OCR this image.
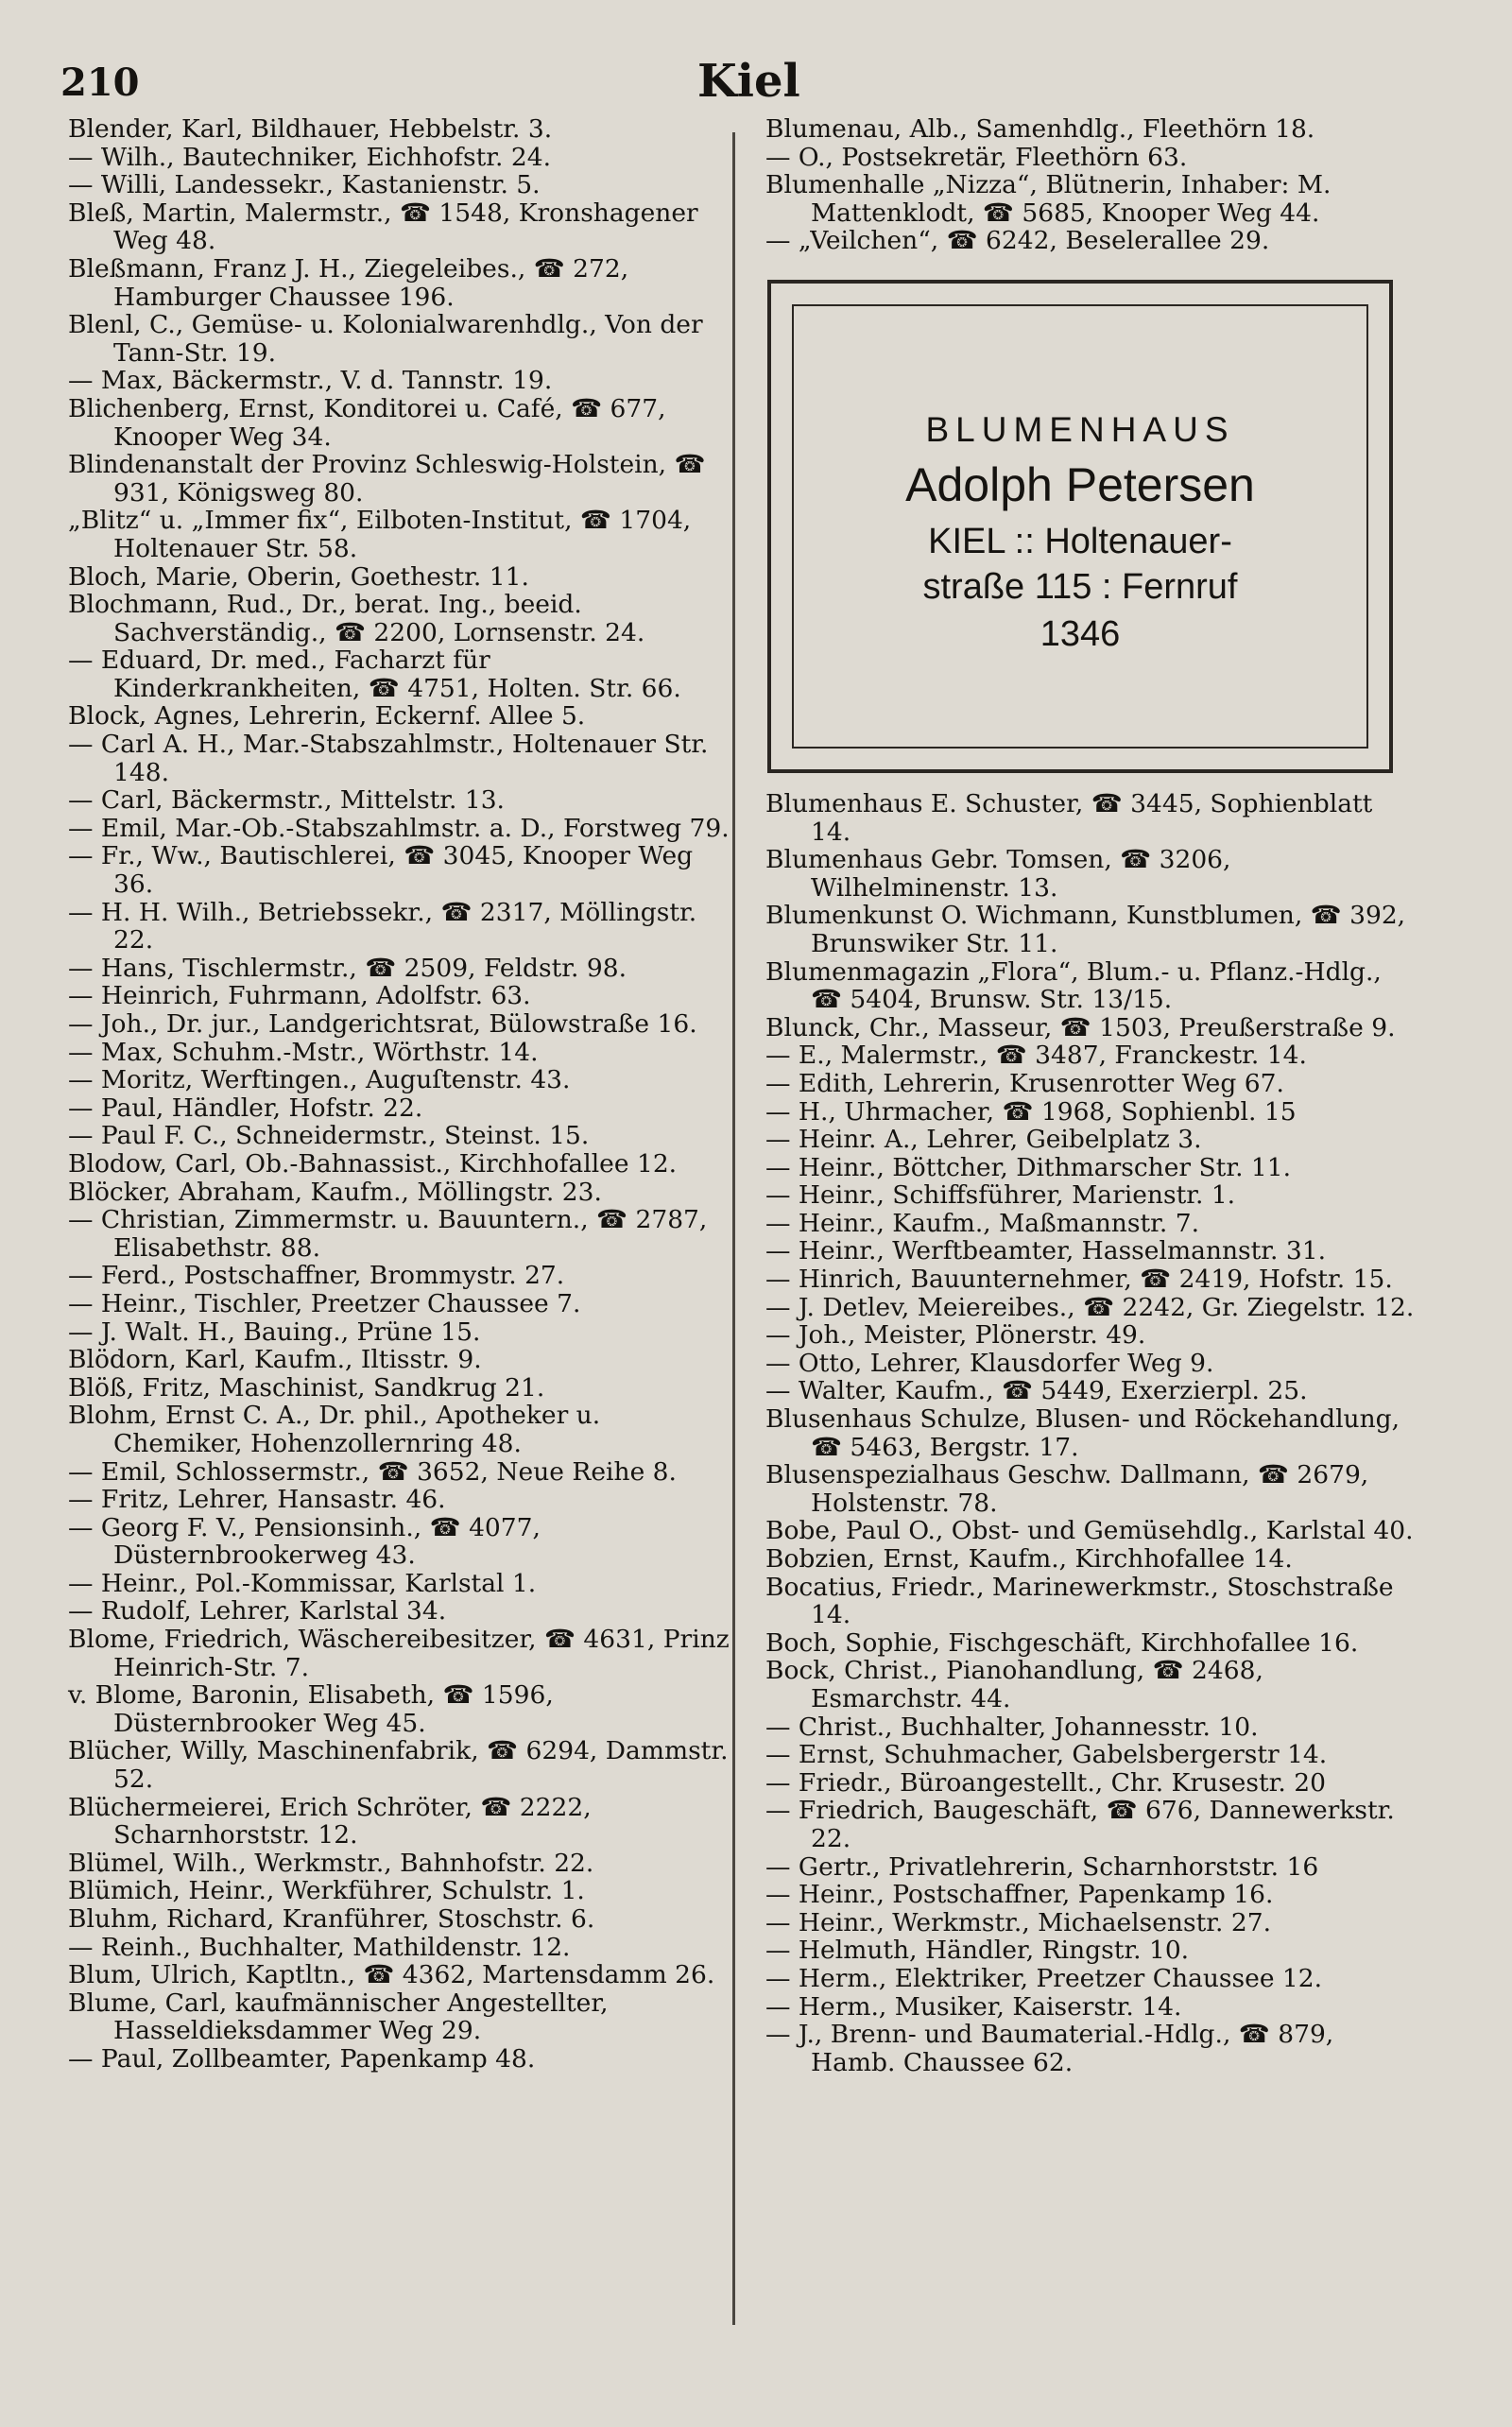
210	Kiel
Blender, Karl, Bildhauer, Hebbelstr. 3.
— Wilh., Bautechniker, Eichhofstr. 24.
— Willi, Landessekr., Kastanienstr. 5.
Bleß, Martin, Malermstr., ☎ 1548, Kronshagener Weg 48.
Bleßmann, Franz J. H., Ziegeleibes., ☎ 272, Hamburger Chaussee 196.
Blenl, C., Gemüse- u. Kolonialwarenhdlg., Von der Tann-Str. 19.
— Max, Bäckermstr., V. d. Tannstr. 19.
Blichenberg, Ernst, Konditorei u. Café, ☎ 677, Knooper Weg 34.
Blindenanstalt der Provinz Schleswig-Holstein, ☎ 931, Königsweg 80.
„Blitz“ u. „Immer fix“, Eilboten-Institut, ☎ 1704, Holtenauer Str. 58.
Bloch, Marie, Oberin, Goethestr. 11.
Blochmann, Rud., Dr., berat. Ing., beeid. Sachverständig., ☎ 2200, Lornsenstr. 24.
— Eduard, Dr. med., Facharzt für Kinderkrankheiten, ☎ 4751, Holten. Str. 66.
Block, Agnes, Lehrerin, Eckernf. Allee 5.
— Carl A. H., Mar.-Stabszahlmstr., Holtenauer Str. 148.
— Carl, Bäckermstr., Mittelstr. 13.
— Emil, Mar.-Ob.-Stabszahlmstr. a. D., Forstweg 79.
— Fr., Ww., Bautischlerei, ☎ 3045, Knooper Weg 36.
— H. H. Wilh., Betriebssekr., ☎ 2317, Möllingstr. 22.
— Hans, Tischlermstr., ☎ 2509, Feldstr. 98.
— Heinrich, Fuhrmann, Adolfstr. 63.
— Joh., Dr. jur., Landgerichtsrat, Bülowstraße 16.
— Max, Schuhm.-Mstr., Wörthstr. 14.
— Moritz, Werftingen., Auguſtenstr. 43.
— Paul, Händler, Hofstr. 22.
— Paul F. C., Schneidermstr., Steinst. 15.
Blodow, Carl, Ob.-Bahnassist., Kirchhofallee 12.
Blöcker, Abraham, Kaufm., Möllingstr. 23.
— Christian, Zimmermstr. u. Bauuntern., ☎ 2787, Elisabethstr. 88.
— Ferd., Postschaffner, Brommystr. 27.
— Heinr., Tischler, Preetzer Chaussee 7.
— J. Walt. H., Bauing., Prüne 15.
Blödorn, Karl, Kaufm., Iltisstr. 9.
Blöß, Fritz, Maschinist, Sandkrug 21.
Blohm, Ernst C. A., Dr. phil., Apotheker u. Chemiker, Hohenzollernring 48.
— Emil, Schlossermstr., ☎ 3652, Neue Reihe 8.
— Fritz, Lehrer, Hansastr. 46.
— Georg F. V., Pensionsinh., ☎ 4077, Düsternbrookerweg 43.
— Heinr., Pol.-Kommissar, Karlstal 1.
— Rudolf, Lehrer, Karlstal 34.
Blome, Friedrich, Wäschereibesitzer, ☎ 4631, Prinz Heinrich-Str. 7.
v. Blome, Baronin, Elisabeth, ☎ 1596, Düsternbrooker Weg 45.
Blücher, Willy, Maschinenfabrik, ☎ 6294, Dammstr. 52.
Blüchermeierei, Erich Schröter, ☎ 2222, Scharnhorststr. 12.
Blümel, Wilh., Werkmstr., Bahnhofstr. 22.
Blümich, Heinr., Werkführer, Schulstr. 1.
Bluhm, Richard, Kranführer, Stoschstr. 6.
— Reinh., Buchhalter, Mathildenstr. 12.
Blum, Ulrich, Kaptltn., ☎ 4362, Martensdamm 26.
Blume, Carl, kaufmännischer Angestellter, Hasseldieksdammer Weg 29.
— Paul, Zollbeamter, Papenkamp 48.
Blumenau, Alb., Samenhdlg., Fleethörn 18.
— O., Postsekretär, Fleethörn 63.
Blumenhalle „Nizza“, Blütnerin, Inhaber: M. Mattenklodt, ☎ 5685, Knooper Weg 44.
— „Veilchen“, ☎ 6242, Beselerallee 29.
BLUMENHAUS
Adolph Petersen
KIEL :: Holtenauer-
straße 115 : Fernruf
1346
Blumenhaus E. Schuster, ☎ 3445, Sophienblatt 14.
Blumenhaus Gebr. Tomsen, ☎ 3206, Wilhelminenstr. 13.
Blumenkunst O. Wichmann, Kunstblumen, ☎ 392, Brunswiker Str. 11.
Blumenmagazin „Flora“, Blum.- u. Pflanz.-Hdlg., ☎ 5404, Brunsw. Str. 13/15.
Blunck, Chr., Masseur, ☎ 1503, Preußerstraße 9.
— E., Malermstr., ☎ 3487, Franckestr. 14.
— Edith, Lehrerin, Krusenrotter Weg 67.
— H., Uhrmacher, ☎ 1968, Sophienbl. 15
— Heinr. A., Lehrer, Geibelplatz 3.
— Heinr., Böttcher, Dithmarscher Str. 11.
— Heinr., Schiffsführer, Marienstr. 1.
— Heinr., Kaufm., Maßmannstr. 7.
— Heinr., Werftbeamter, Hasselmannstr. 31.
— Hinrich, Bauunternehmer, ☎ 2419, Hofstr. 15.
— J. Detlev, Meiereibes., ☎ 2242, Gr. Ziegelstr. 12.
— Joh., Meister, Plönerstr. 49.
— Otto, Lehrer, Klausdorfer Weg 9.
— Walter, Kaufm., ☎ 5449, Exerzierpl. 25.
Blusenhaus Schulze, Blusen- und Röckehandlung, ☎ 5463, Bergstr. 17.
Blusenspezialhaus Geschw. Dallmann, ☎ 2679, Holstenstr. 78.
Bobe, Paul O., Obst- und Gemüsehdlg., Karlstal 40.
Bobzien, Ernst, Kaufm., Kirchhofallee 14.
Bocatius, Friedr., Marinewerkmstr., Stoschstraße 14.
Boch, Sophie, Fischgeschäft, Kirchhofallee 16.
Bock, Christ., Pianohandlung, ☎ 2468, Esmarchstr. 44.
— Christ., Buchhalter, Johannesstr. 10.
— Ernst, Schuhmacher, Gabelsbergerstr 14.
— Friedr., Büroangestellt., Chr. Krusestr. 20
— Friedrich, Baugeschäft, ☎ 676, Dannewerkstr. 22.
— Gertr., Privatlehrerin, Scharnhorststr. 16
— Heinr., Postschaffner, Papenkamp 16.
— Heinr., Werkmstr., Michaelsenstr. 27.
— Helmuth, Händler, Ringstr. 10.
— Herm., Elektriker, Preetzer Chaussee 12.
— Herm., Musiker, Kaiserstr. 14.
— J., Brenn- und Baumaterial.-Hdlg., ☎ 879, Hamb. Chaussee 62.
